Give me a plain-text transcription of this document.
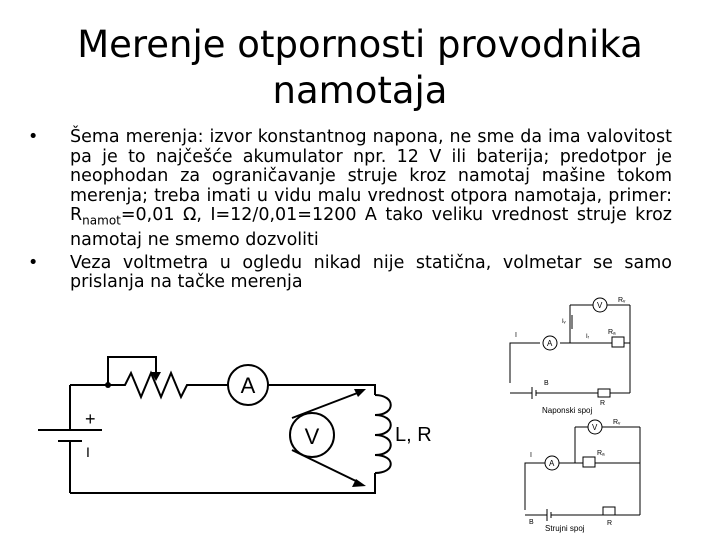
Merenje otpornosti provodnika
namotaja
•	Šema merenja: izvor konstantnog napona, ne sme da ima valovitost pa je to najčešće akumulator npr. 12 V ili baterija; predotpor je neophodan za ograničavanje struje kroz namotaj mašine tokom merenja; treba imati u vidu malu vrednost otpora namotaja, primer: $R_{namot}=0,01$ Ω, I=12/0,01=1200 A tako veliku vrednost struje kroz namotaj ne smemo dozvoliti
•	Veza voltmetra u ogledu nikad nije statična, volmetar se samo prislanja na tačke merenja
A
V	L, R
+
I
V
A
Rᵥ
Rₐ
I
Iᵥ
Iᵣ
B
R
Naponski spoj
V
A
Rᵥ
Rₐ
I
B	R
Strujni spoj
